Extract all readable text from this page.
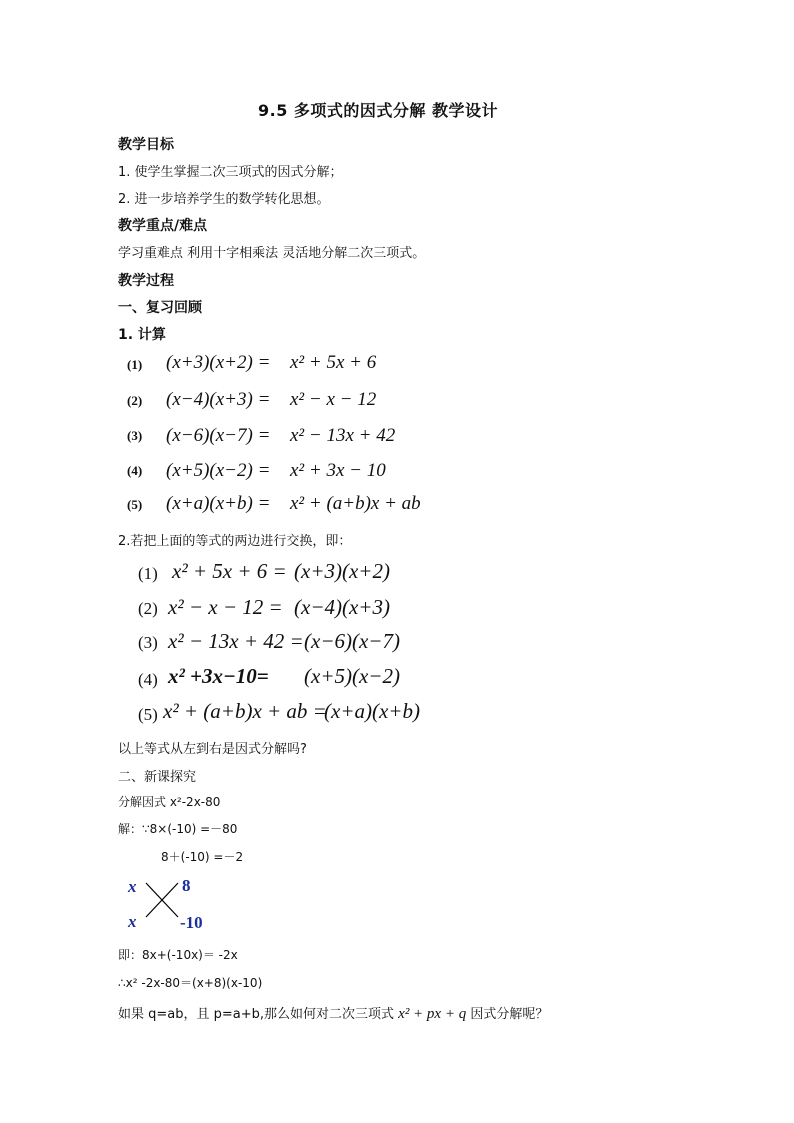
9.5 多项式的因式分解 教学设计
教学目标
1. 使学生掌握二次三项式的因式分解；
2. 进一步培养学生的数学转化思想。
教学重点/难点
学习重难点 利用十字相乘法 灵活地分解二次三项式。
教学过程
一、复习回顾
1. 计算
(1) (x+3)(x+2) = x² + 5x + 6
(2) (x−4)(x+3) = x² − x − 12
(3) (x−6)(x−7) = x² − 13x + 42
(4) (x+5)(x−2) = x² + 3x − 10
(5) (x+a)(x+b) = x² + (a+b)x + ab
2.若把上面的等式的两边进行交换，即：
(1) x² + 5x + 6 = (x+3)(x+2)
(2) x² − x − 12 = (x−4)(x+3)
(3) x² − 13x + 42 = (x−6)(x−7)
(4) x² +3x−10= (x+5)(x−2)
(5) x² + (a+b)x + ab =
(x+a)(x+b)
以上等式从左到右是因式分解吗?
二、新课探究
分解因式 x²-2x-80
解：∵8×(-10) =－80
8＋(-10) =－2
x	8
x	-10
即：8x+(-10x)＝ -2x
∴x² -2x-80＝(x+8)(x-10)
如果 q=ab，且 p=a+b,那么如何对二次三项式 x² + px + q 因式分解呢？
